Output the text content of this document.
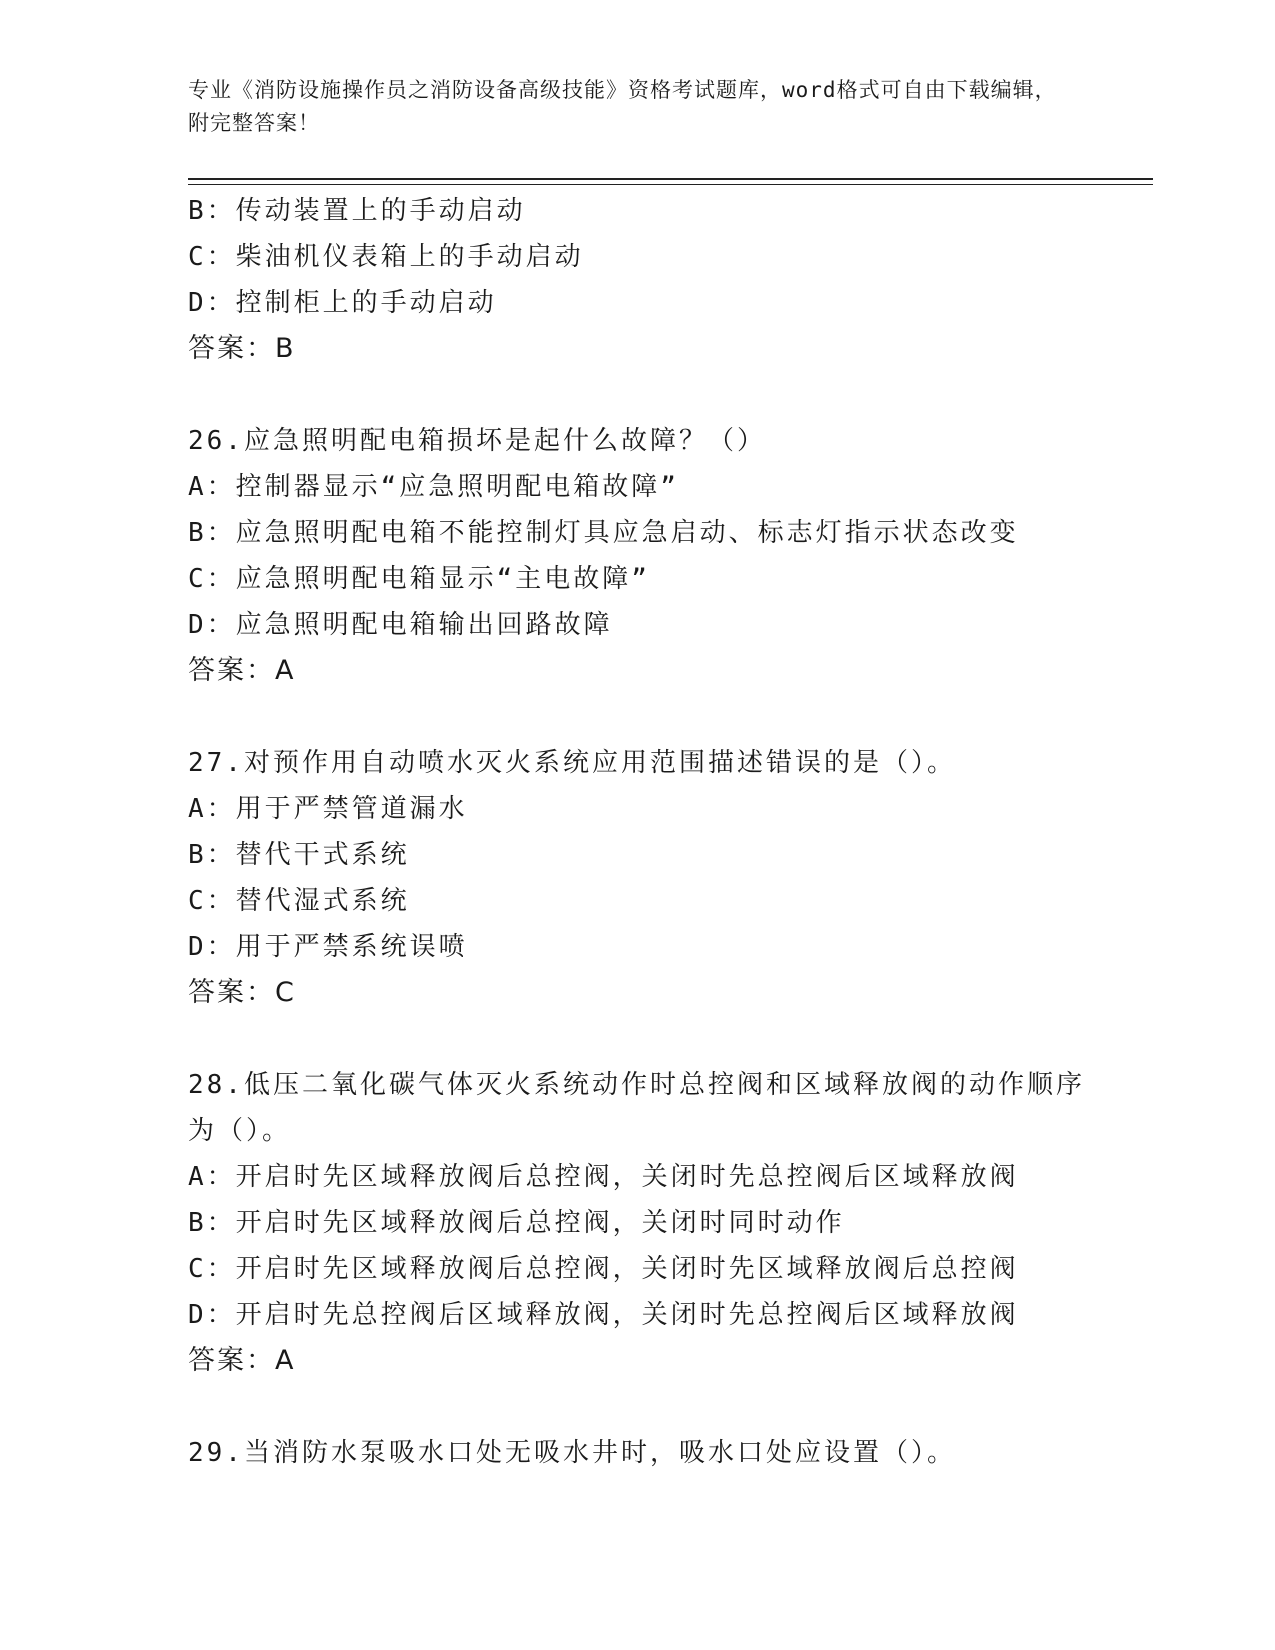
专业《消防设施操作员之消防设备高级技能》资格考试题库，word格式可自由下载编辑，附完整答案！
B：传动装置上的手动启动
C：柴油机仪表箱上的手动启动
D：控制柜上的手动启动
答案：B
26.应急照明配电箱损坏是起什么故障？（）
A：控制器显示“应急照明配电箱故障”
B：应急照明配电箱不能控制灯具应急启动、标志灯指示状态改变
C：应急照明配电箱显示“主电故障”
D：应急照明配电箱输出回路故障
答案：A
27.对预作用自动喷水灭火系统应用范围描述错误的是（）。
A：用于严禁管道漏水
B：替代干式系统
C：替代湿式系统
D：用于严禁系统误喷
答案：C
28.低压二氧化碳气体灭火系统动作时总控阀和区域释放阀的动作顺序为（）。
A：开启时先区域释放阀后总控阀，关闭时先总控阀后区域释放阀
B：开启时先区域释放阀后总控阀，关闭时同时动作
C：开启时先区域释放阀后总控阀，关闭时先区域释放阀后总控阀
D：开启时先总控阀后区域释放阀，关闭时先总控阀后区域释放阀
答案：A
29.当消防水泵吸水口处无吸水井时，吸水口处应设置（）。
